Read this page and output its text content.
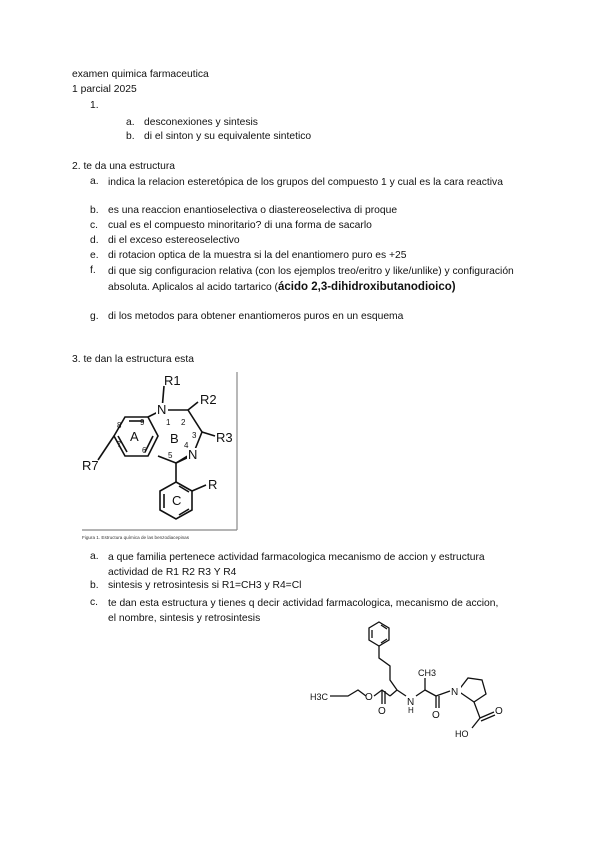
examen quimica farmaceutica
1 parcial 2025
1.
a. desconexiones y sintesis
b. di el sinton y su equivalente sintetico
2. te da una estructura
a. indica la relacion esteretópica de los grupos del compuesto 1 y cual es la cara reactiva
b. es una reaccion enantioselectiva o diastereoselectiva di proque
c. cual es el compuesto minoritario? di una forma de sacarlo
d. di el exceso estereoselectivo
e. di rotacion optica de la muestra si la del enantiomero puro es +25
f. di que sig configuracion relativa (con los ejemplos treo/eritro y like/unlike) y configuración absoluta. Aplicalos al acido tartarico (ácido 2,3-dihidroxibutanodioico)
g. di los metodos para obtener enantiomeros puros en un esquema
3. te dan la estructura esta
N
N
R1
R2
R3
R7
R
A B
C
1 2
3
4
5
6
7
8 9
Figura 1. Estructura química de las benzodiacepinas
a. a que familia pertenece actividad farmacologica mecanismo de accion y estructura actividad de R1 R2 R3 Y R4
b. sintesis y retrosintesis si R1=CH3 y R4=Cl
c. te dan esta estructura y tienes q decir actividad farmacologica, mecanismo de accion, el nombre, sintesis y retrosintesis
H3C	O
O
N
H
CH3
O
N
HO
O
